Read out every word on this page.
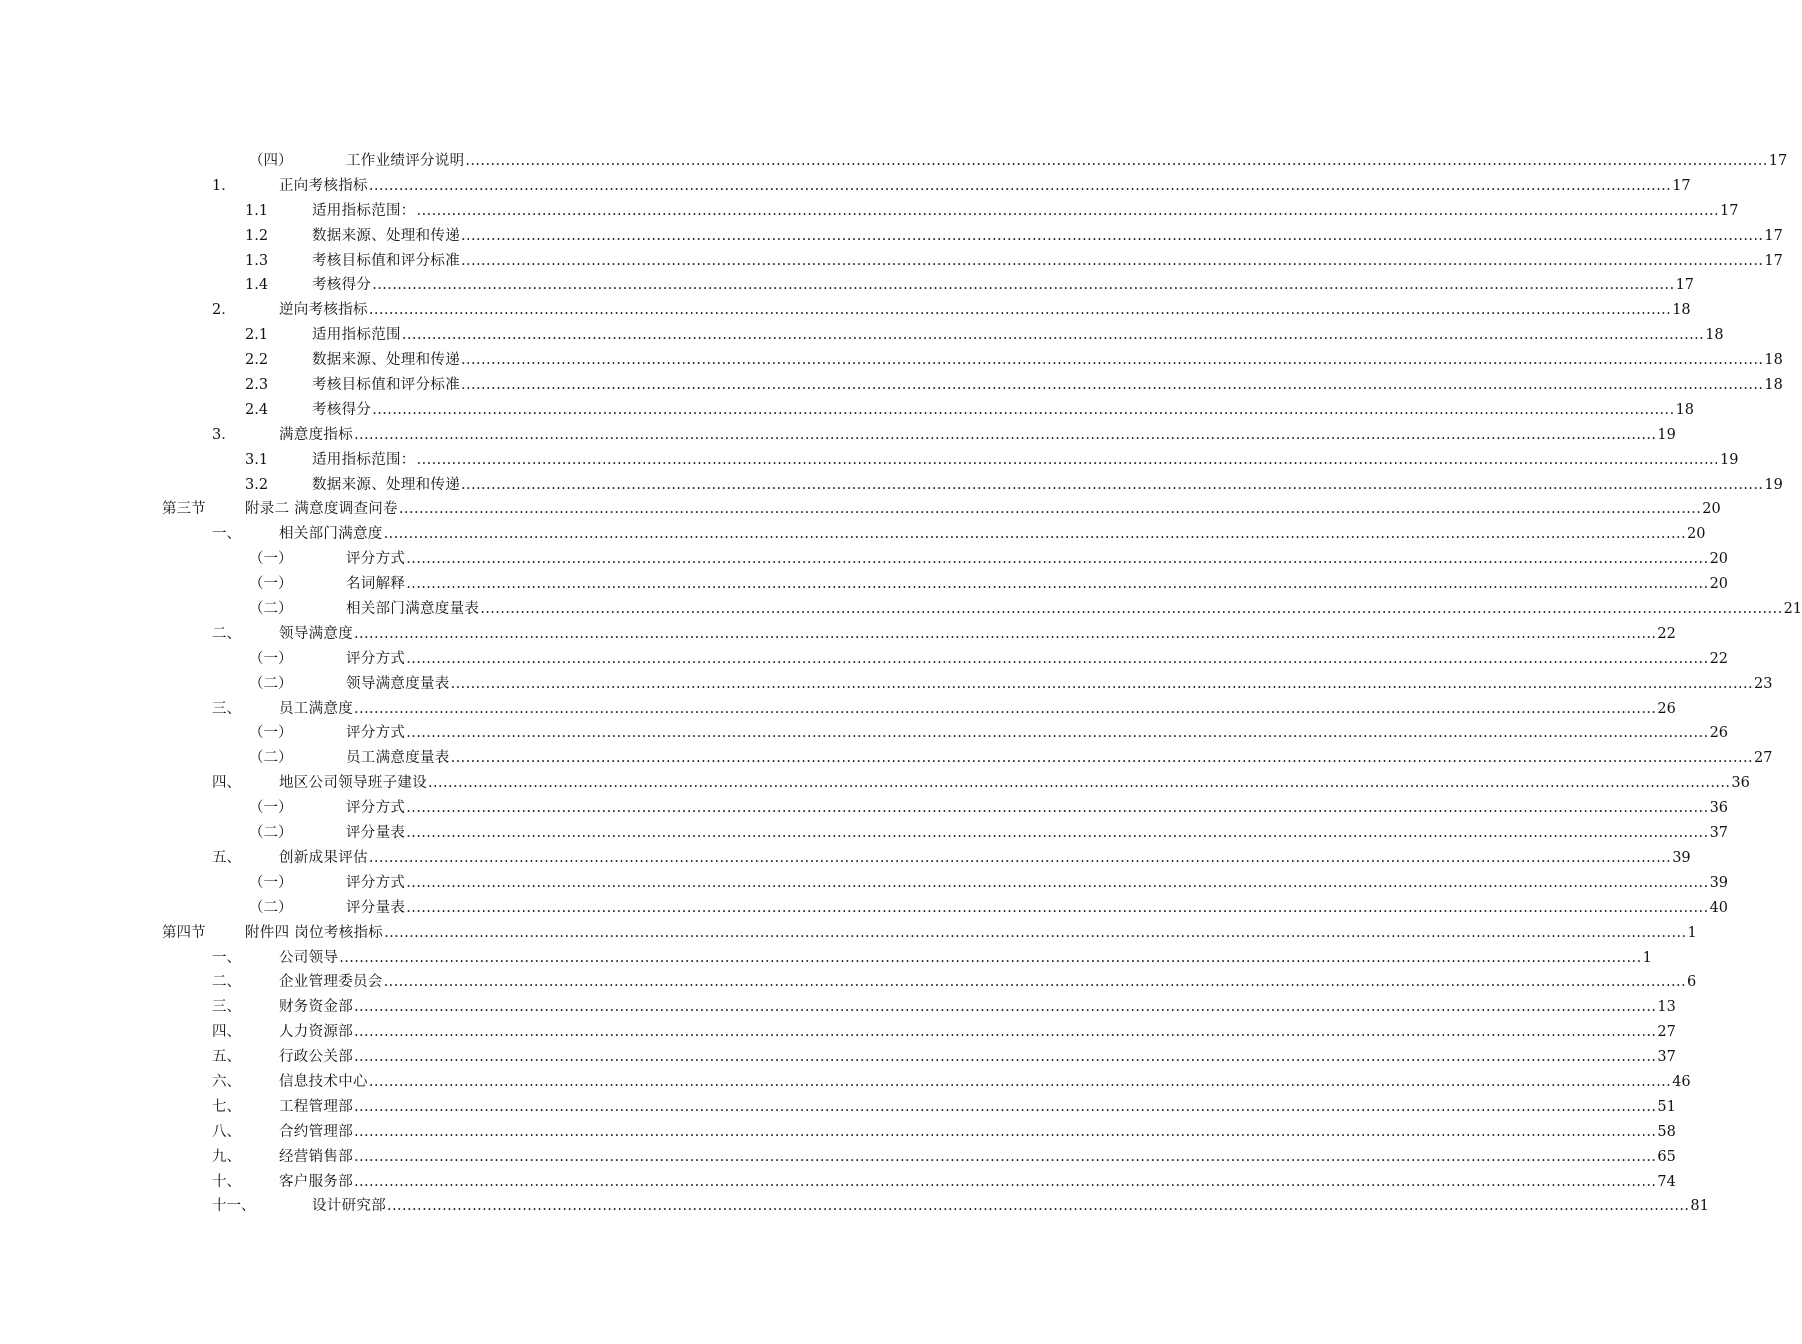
（四）	工作业绩评分说明 .................................................................................................................................................................................................................................................................... 17
1．	正向考核指标 .................................................................................................................................................................................................................................................................... 17
1.1	适用指标范围： .................................................................................................................................................................................................................................................................... 17
1.2	数据来源、处理和传递 .................................................................................................................................................................................................................................................................... 17
1.3	考核目标值和评分标准 .................................................................................................................................................................................................................................................................... 17
1.4	考核得分 .................................................................................................................................................................................................................................................................... 17
2．	逆向考核指标 .................................................................................................................................................................................................................................................................... 18
2.1	适用指标范围 .................................................................................................................................................................................................................................................................... 18
2.2	数据来源、处理和传递 .................................................................................................................................................................................................................................................................... 18
2.3	考核目标值和评分标准 .................................................................................................................................................................................................................................................................... 18
2.4	考核得分 .................................................................................................................................................................................................................................................................... 18
3．	满意度指标 .................................................................................................................................................................................................................................................................... 19
3.1	适用指标范围： .................................................................................................................................................................................................................................................................... 19
3.2	数据来源、处理和传递 .................................................................................................................................................................................................................................................................... 19
第三节	附录二 满意度调查问卷 .................................................................................................................................................................................................................................................................... 20
一、	相关部门满意度 .................................................................................................................................................................................................................................................................... 20
（一）	评分方式 .................................................................................................................................................................................................................................................................... 20
（一）	名词解释 .................................................................................................................................................................................................................................................................... 20
（二）	相关部门满意度量表 .................................................................................................................................................................................................................................................................... 21
二、	领导满意度 .................................................................................................................................................................................................................................................................... 22
（一）	评分方式 .................................................................................................................................................................................................................................................................... 22
（二）	领导满意度量表 .................................................................................................................................................................................................................................................................... 23
三、	员工满意度 .................................................................................................................................................................................................................................................................... 26
（一）	评分方式 .................................................................................................................................................................................................................................................................... 26
（二）	员工满意度量表 .................................................................................................................................................................................................................................................................... 27
四、	地区公司领导班子建设 .................................................................................................................................................................................................................................................................... 36
（一）	评分方式 .................................................................................................................................................................................................................................................................... 36
（二）	评分量表 .................................................................................................................................................................................................................................................................... 37
五、	创新成果评估 .................................................................................................................................................................................................................................................................... 39
（一）	评分方式 .................................................................................................................................................................................................................................................................... 39
（二）	评分量表 .................................................................................................................................................................................................................................................................... 40
第四节	附件四 岗位考核指标 .................................................................................................................................................................................................................................................................... 1
一、	公司领导 .................................................................................................................................................................................................................................................................... 1
二、	企业管理委员会 .................................................................................................................................................................................................................................................................... 6
三、	财务资金部 .................................................................................................................................................................................................................................................................... 13
四、	人力资源部 .................................................................................................................................................................................................................................................................... 27
五、	行政公关部 .................................................................................................................................................................................................................................................................... 37
六、	信息技术中心 .................................................................................................................................................................................................................................................................... 46
七、	工程管理部 .................................................................................................................................................................................................................................................................... 51
八、	合约管理部 .................................................................................................................................................................................................................................................................... 58
九、	经营销售部 .................................................................................................................................................................................................................................................................... 65
十、	客户服务部 .................................................................................................................................................................................................................................................................... 74
十一、	设计研究部 .................................................................................................................................................................................................................................................................... 81
